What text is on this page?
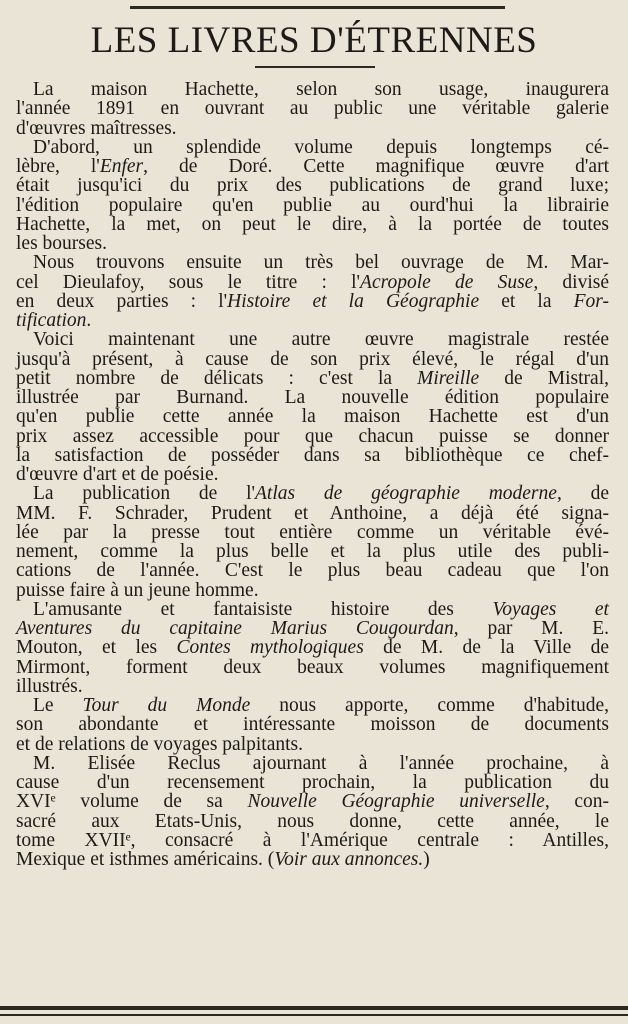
LES LIVRES D'ÉTRENNES
La maison Hachette, selon son usage, inaugurera
l'année 1891 en ouvrant au public une véritable galerie
d'œuvres maîtresses.
D'abord, un splendide volume depuis longtemps cé-
lèbre, l'Enfer, de Doré. Cette magnifique œuvre d'art
était jusqu'ici du prix des publications de grand luxe;
l'édition populaire qu'en publie au ourd'hui la librairie
Hachette, la met, on peut le dire, à la portée de toutes
les bourses.
Nous trouvons ensuite un très bel ouvrage de M. Mar-
cel Dieulafoy, sous le titre : l'Acropole de Suse, divisé
en deux parties : l'Histoire et la Géographie et la For-
tification.
Voici maintenant une autre œuvre magistrale restée
jusqu'à présent, à cause de son prix élevé, le régal d'un
petit nombre de délicats : c'est la Mireille de Mistral,
illustrée par Burnand. La nouvelle édition populaire
qu'en publie cette année la maison Hachette est d'un
prix assez accessible pour que chacun puisse se donner
la satisfaction de posséder dans sa bibliothèque ce chef-
d'œuvre d'art et de poésie.
La publication de l'Atlas de géographie moderne, de
MM. F. Schrader, Prudent et Anthoine, a déjà été signa-
lée par la presse tout entière comme un véritable évé-
nement, comme la plus belle et la plus utile des publi-
cations de l'année. C'est le plus beau cadeau que l'on
puisse faire à un jeune homme.
L'amusante et fantaisiste histoire des Voyages et
Aventures du capitaine Marius Cougourdan, par M. E.
Mouton, et les Contes mythologiques de M. de la Ville de
Mirmont, forment deux beaux volumes magnifiquement
illustrés.
Le Tour du Monde nous apporte, comme d'habitude,
son abondante et intéressante moisson de documents
et de relations de voyages palpitants.
M. Elisée Reclus ajournant à l'année prochaine, à
cause d'un recensement prochain, la publication du
XVIᵉ volume de sa Nouvelle Géographie universelle, con-
sacré aux Etats-Unis, nous donne, cette année, le
tome XVIIᵉ, consacré à l'Amérique centrale : Antilles,
Mexique et isthmes américains. (Voir aux annonces.)
